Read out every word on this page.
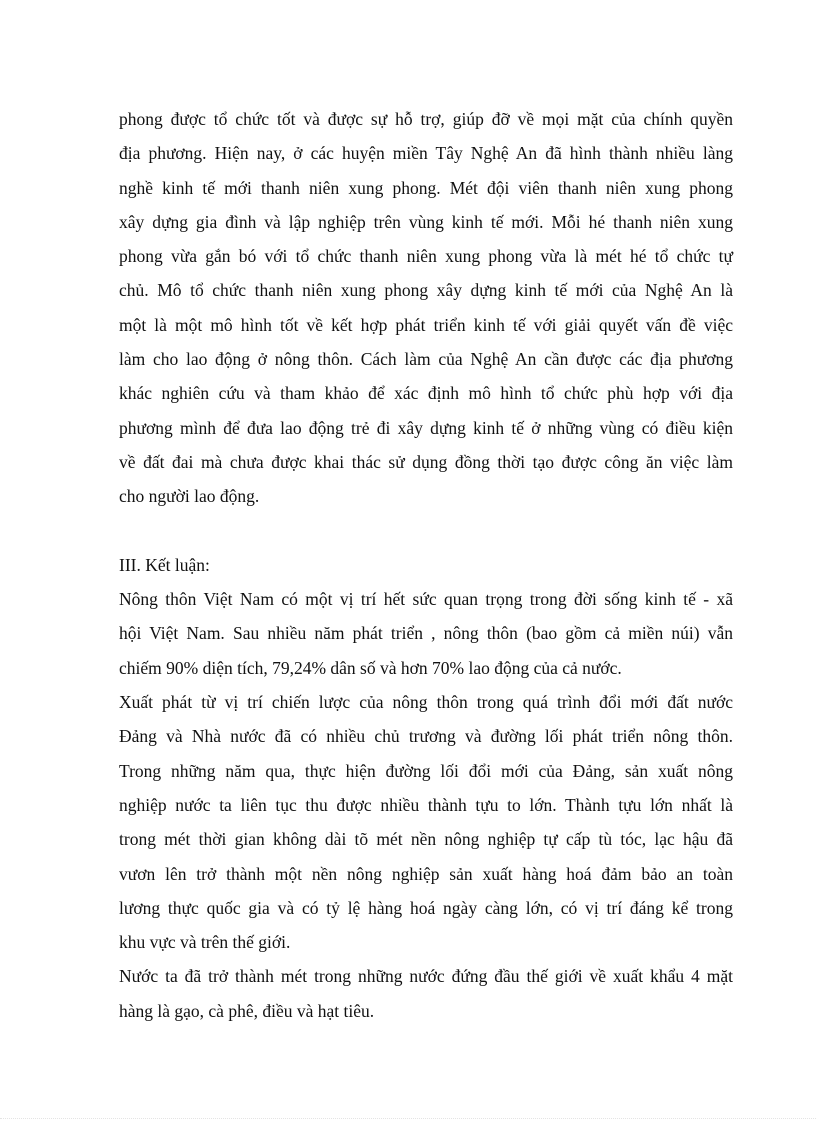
phong được tổ chức tốt và được sự hỗ trợ, giúp đỡ về mọi mặt của chính quyền
địa phương. Hiện nay, ở các huyện miền Tây Nghệ An đã hình thành nhiều làng
nghề kinh tế mới thanh niên xung phong. Mét đội viên thanh niên xung phong
xây dựng gia đình và lập nghiệp trên vùng kinh tế mới. Mỗi hé thanh niên xung
phong vừa gắn bó với tổ chức thanh niên xung phong vừa là mét hé tổ chức tự
chủ. Mô tổ chức thanh niên xung phong xây dựng kinh tế mới của Nghệ An là
một là một mô hình tốt về kết hợp phát triển kinh tế với giải quyết vấn đề việc
làm cho lao động ở nông thôn. Cách làm của Nghệ An cần được các địa phương
khác nghiên cứu và tham khảo để xác định mô hình tổ chức phù hợp với địa
phương mình để đưa lao động trẻ đi xây dựng kinh tế ở những vùng có điều kiện
về đất đai mà chưa được khai thác sử dụng đồng thời tạo được công ăn việc làm
cho người lao động.
III. Kết luận:
Nông thôn Việt Nam có một vị trí hết sức quan trọng trong đời sống kinh tế - xã
hội Việt Nam. Sau nhiều năm phát triển , nông thôn (bao gồm cả miền núi) vẫn
chiếm 90% diện tích, 79,24% dân số và hơn 70% lao động của cả nước.
Xuất phát từ vị trí chiến lược của nông thôn trong quá trình đổi mới đất nước
Đảng và Nhà nước đã có nhiều chủ trương và đường lối phát triển nông thôn.
Trong những năm qua, thực hiện đường lối đổi mới của Đảng, sản xuất nông
nghiệp nước ta liên tục thu được nhiều thành tựu to lớn. Thành tựu lớn nhất là
trong mét thời gian không dài tõ mét nền nông nghiệp tự cấp tù tóc, lạc hậu đã
vươn lên trở thành một nền nông nghiệp sản xuất hàng hoá đảm bảo an toàn
lương thực quốc gia và có tỷ lệ hàng hoá ngày càng lớn, có vị trí đáng kể trong
khu vực và trên thế giới.
Nước ta đã trở thành mét trong những nước đứng đầu thế giới về xuất khẩu 4 mặt
hàng là gạo, cà phê, điều và hạt tiêu.
